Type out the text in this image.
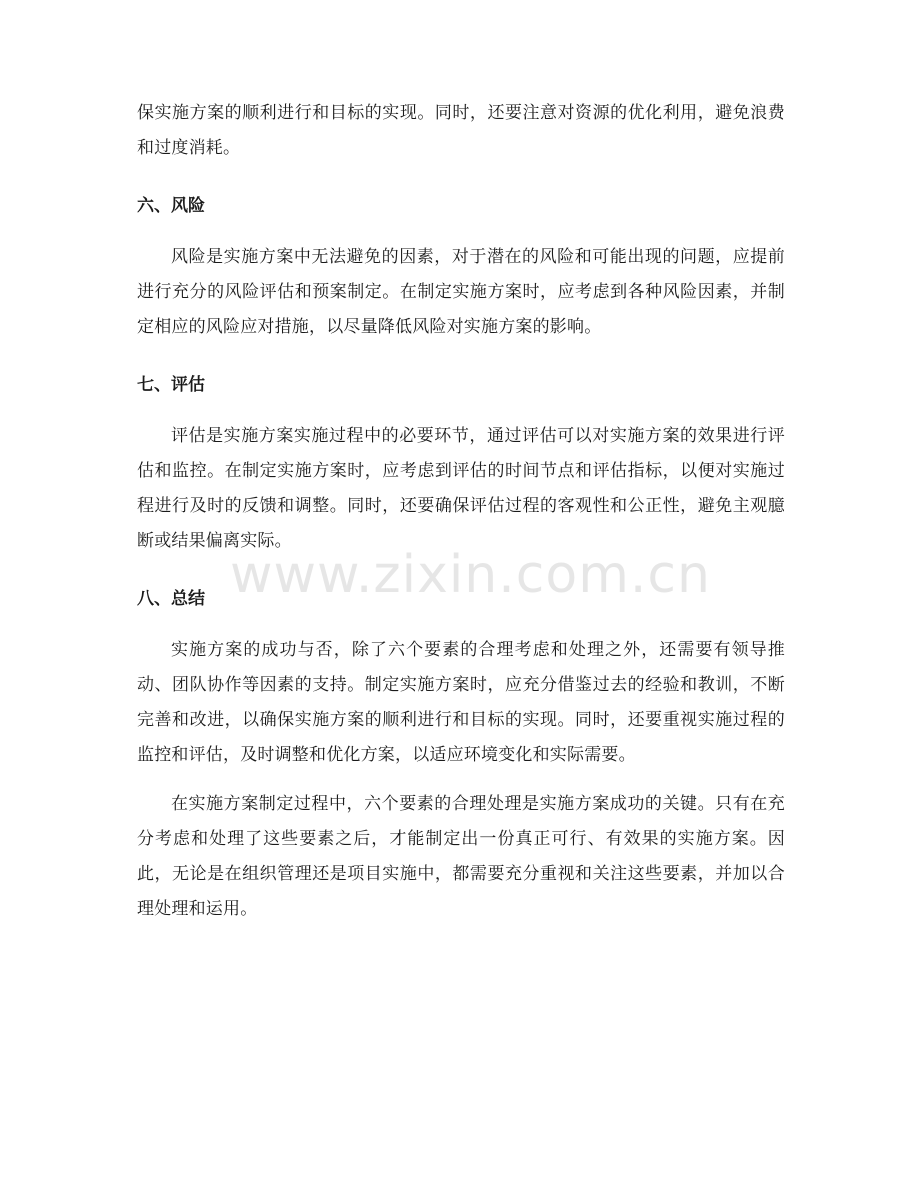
保实施方案的顺利进行和目标的实现。同时，还要注意对资源的优化利用，避免浪费和过度消耗。

六、风险

风险是实施方案中无法避免的因素，对于潜在的风险和可能出现的问题，应提前进行充分的风险评估和预案制定。在制定实施方案时，应考虑到各种风险因素，并制定相应的风险应对措施，以尽量降低风险对实施方案的影响。

七、评估

评估是实施方案实施过程中的必要环节，通过评估可以对实施方案的效果进行评估和监控。在制定实施方案时，应考虑到评估的时间节点和评估指标，以便对实施过程进行及时的反馈和调整。同时，还要确保评估过程的客观性和公正性，避免主观臆断或结果偏离实际。

八、总结

实施方案的成功与否，除了六个要素的合理考虑和处理之外，还需要有领导推动、团队协作等因素的支持。制定实施方案时，应充分借鉴过去的经验和教训，不断完善和改进，以确保实施方案的顺利进行和目标的实现。同时，还要重视实施过程的监控和评估，及时调整和优化方案，以适应环境变化和实际需要。

在实施方案制定过程中，六个要素的合理处理是实施方案成功的关键。只有在充分考虑和处理了这些要素之后，才能制定出一份真正可行、有效果的实施方案。因此，无论是在组织管理还是项目实施中，都需要充分重视和关注这些要素，并加以合理处理和运用。

www.zixin.com.cn
